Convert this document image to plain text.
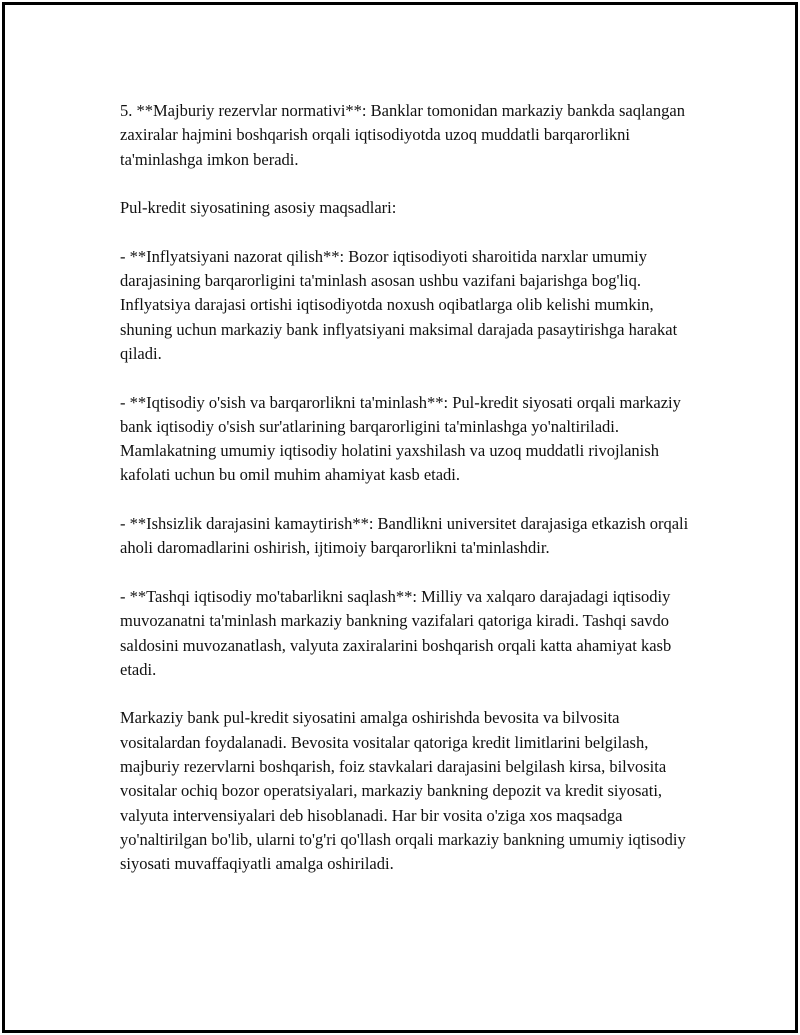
5. **Majburiy rezervlar normativi**: Banklar tomonidan markaziy bankda saqlangan zaxiralar hajmini boshqarish orqali iqtisodiyotda uzoq muddatli barqarorlikni ta'minlashga imkon beradi.

Pul-kredit siyosatining asosiy maqsadlari:

- **Inflyatsiyani nazorat qilish**: Bozor iqtisodiyoti sharoitida narxlar umumiy darajasining barqarorligini ta'minlash asosan ushbu vazifani bajarishga bog'liq. Inflyatsiya darajasi ortishi iqtisodiyotda noxush oqibatlarga olib kelishi mumkin, shuning uchun markaziy bank inflyatsiyani maksimal darajada pasaytirishga harakat qiladi.

- **Iqtisodiy o'sish va barqarorlikni ta'minlash**: Pul-kredit siyosati orqali markaziy bank iqtisodiy o'sish sur'atlarining barqarorligini ta'minlashga yo'naltiriladi. Mamlakatning umumiy iqtisodiy holatini yaxshilash va uzoq muddatli rivojlanish kafolati uchun bu omil muhim ahamiyat kasb etadi.

- **Ishsizlik darajasini kamaytirish**: Bandlikni universitet darajasiga etkazish orqali aholi daromadlarini oshirish, ijtimoiy barqarorlikni ta'minlashdir.

- **Tashqi iqtisodiy mo'tabarlikni saqlash**: Milliy va xalqaro darajadagi iqtisodiy muvozanatni ta'minlash markaziy bankning vazifalari qatoriga kiradi. Tashqi savdo saldosini muvozanatlash, valyuta zaxiralarini boshqarish orqali katta ahamiyat kasb etadi.

Markaziy bank pul-kredit siyosatini amalga oshirishda bevosita va bilvosita vositalardan foydalanadi. Bevosita vositalar qatoriga kredit limitlarini belgilash, majburiy rezervlarni boshqarish, foiz stavkalari darajasini belgilash kirsa, bilvosita vositalar ochiq bozor operatsiyalari, markaziy bankning depozit va kredit siyosati, valyuta intervensiyalari deb hisoblanadi. Har bir vosita o'ziga xos maqsadga yo'naltirilgan bo'lib, ularni to'g'ri qo'llash orqali markaziy bankning umumiy iqtisodiy siyosati muvaffaqiyatli amalga oshiriladi.
